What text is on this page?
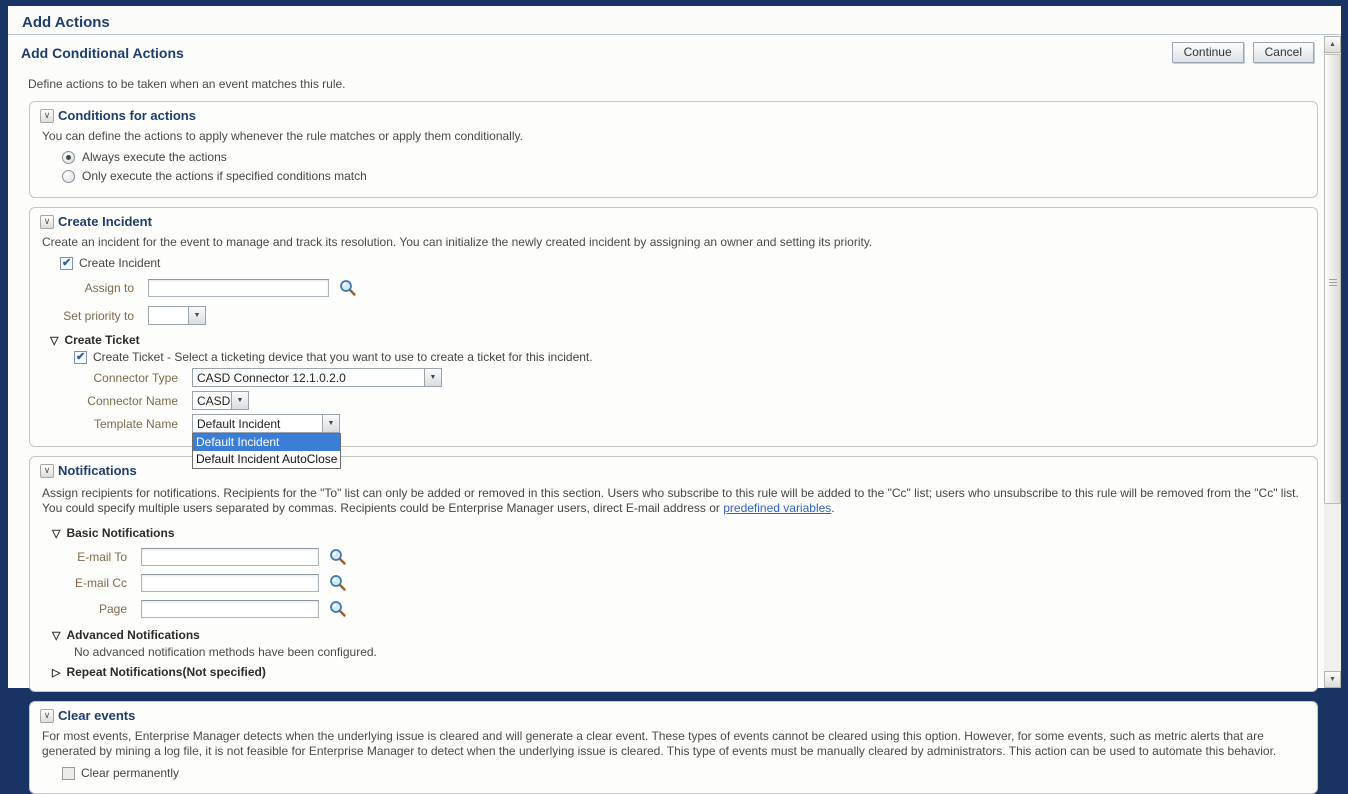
Add Actions
Add Conditional Actions	Continue	Cancel
Define actions to be taken when an event matches this rule.
∨ Conditions for actions
You can define the actions to apply whenever the rule matches or apply them conditionally.
Always execute the actions
Only execute the actions if specified conditions match
∨ Create Incident
Create an incident for the event to manage and track its resolution. You can initialize the newly created incident by assigning an owner and setting its priority.
✔
Create Incident
Assign to
Set priority to	▼
▽ Create Ticket
✔
Create Ticket - Select a ticketing device that you want to use to create a ticket for this incident.
Connector Type	CASD Connector 12.1.0.2.0	▼
Connector Name	CASD ▼
Template Name	Default Incident	▼
Default Incident
Default Incident AutoClose
∨ Notifications
Assign recipients for notifications. Recipients for the "To" list can only be added or removed in this section. Users who subscribe to this rule will be added to the "Cc" list; users who unsubscribe to this rule will be removed from the "Cc" list. You could specify multiple users separated by commas. Recipients could be Enterprise Manager users, direct E-mail address or predefined variables.
▽ Basic Notifications
E-mail To
E-mail Cc
Page
▽ Advanced Notifications
No advanced notification methods have been configured.
▷ Repeat Notifications(Not specified)
∨ Clear events
For most events, Enterprise Manager detects when the underlying issue is cleared and will generate a clear event. These types of events cannot be cleared using this option. However, for some events, such as metric alerts that are generated by mining a log file, it is not feasible for Enterprise Manager to detect when the underlying issue is cleared. This type of events must be manually cleared by administrators. This action can be used to automate this behavior.
Clear permanently
▲
▼
